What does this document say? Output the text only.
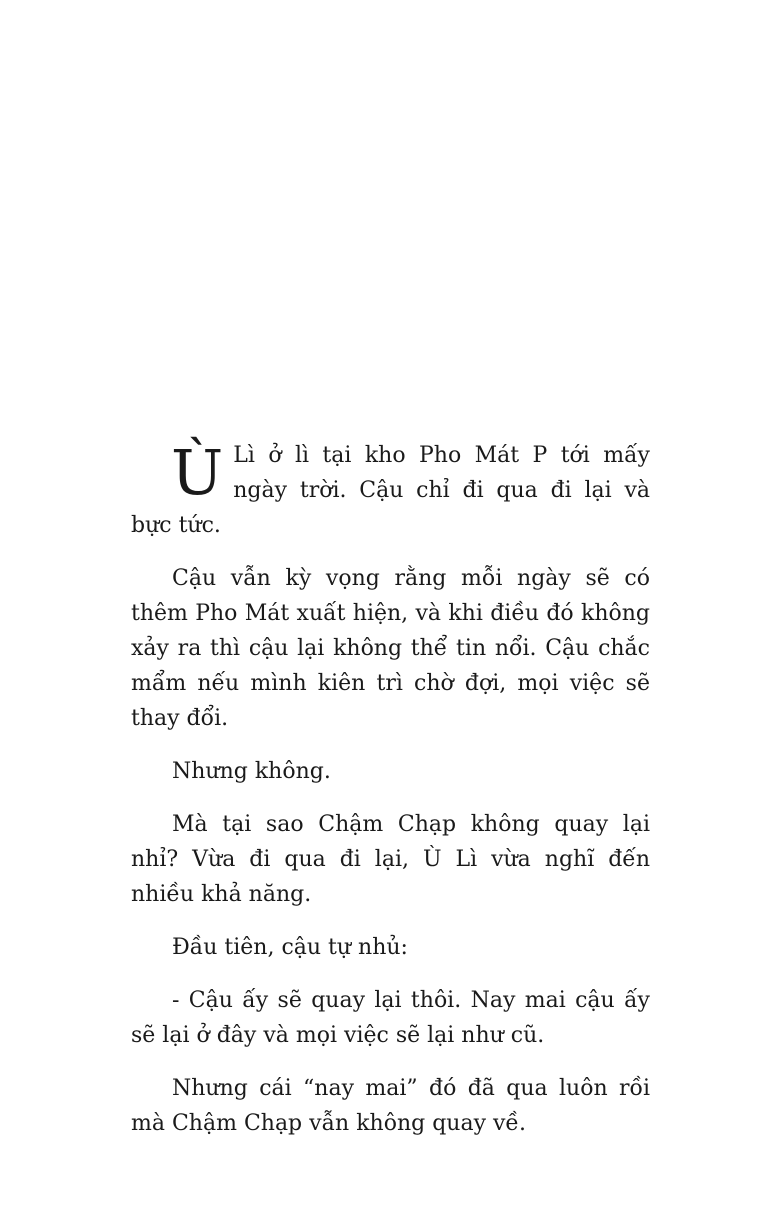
Ù Lì ở lì tại kho Pho Mát P tới mấy ngày trời. Cậu chỉ đi qua đi lại và bực tức.

Cậu vẫn kỳ vọng rằng mỗi ngày sẽ có thêm Pho Mát xuất hiện, và khi điều đó không xảy ra thì cậu lại không thể tin nổi. Cậu chắc mẩm nếu mình kiên trì chờ đợi, mọi việc sẽ thay đổi.

Nhưng không.

Mà tại sao Chậm Chạp không quay lại nhỉ? Vừa đi qua đi lại, Ù Lì vừa nghĩ đến nhiều khả năng.

Đầu tiên, cậu tự nhủ:

- Cậu ấy sẽ quay lại thôi. Nay mai cậu ấy sẽ lại ở đây và mọi việc sẽ lại như cũ.

Nhưng cái “nay mai” đó đã qua luôn rồi mà Chậm Chạp vẫn không quay về.
